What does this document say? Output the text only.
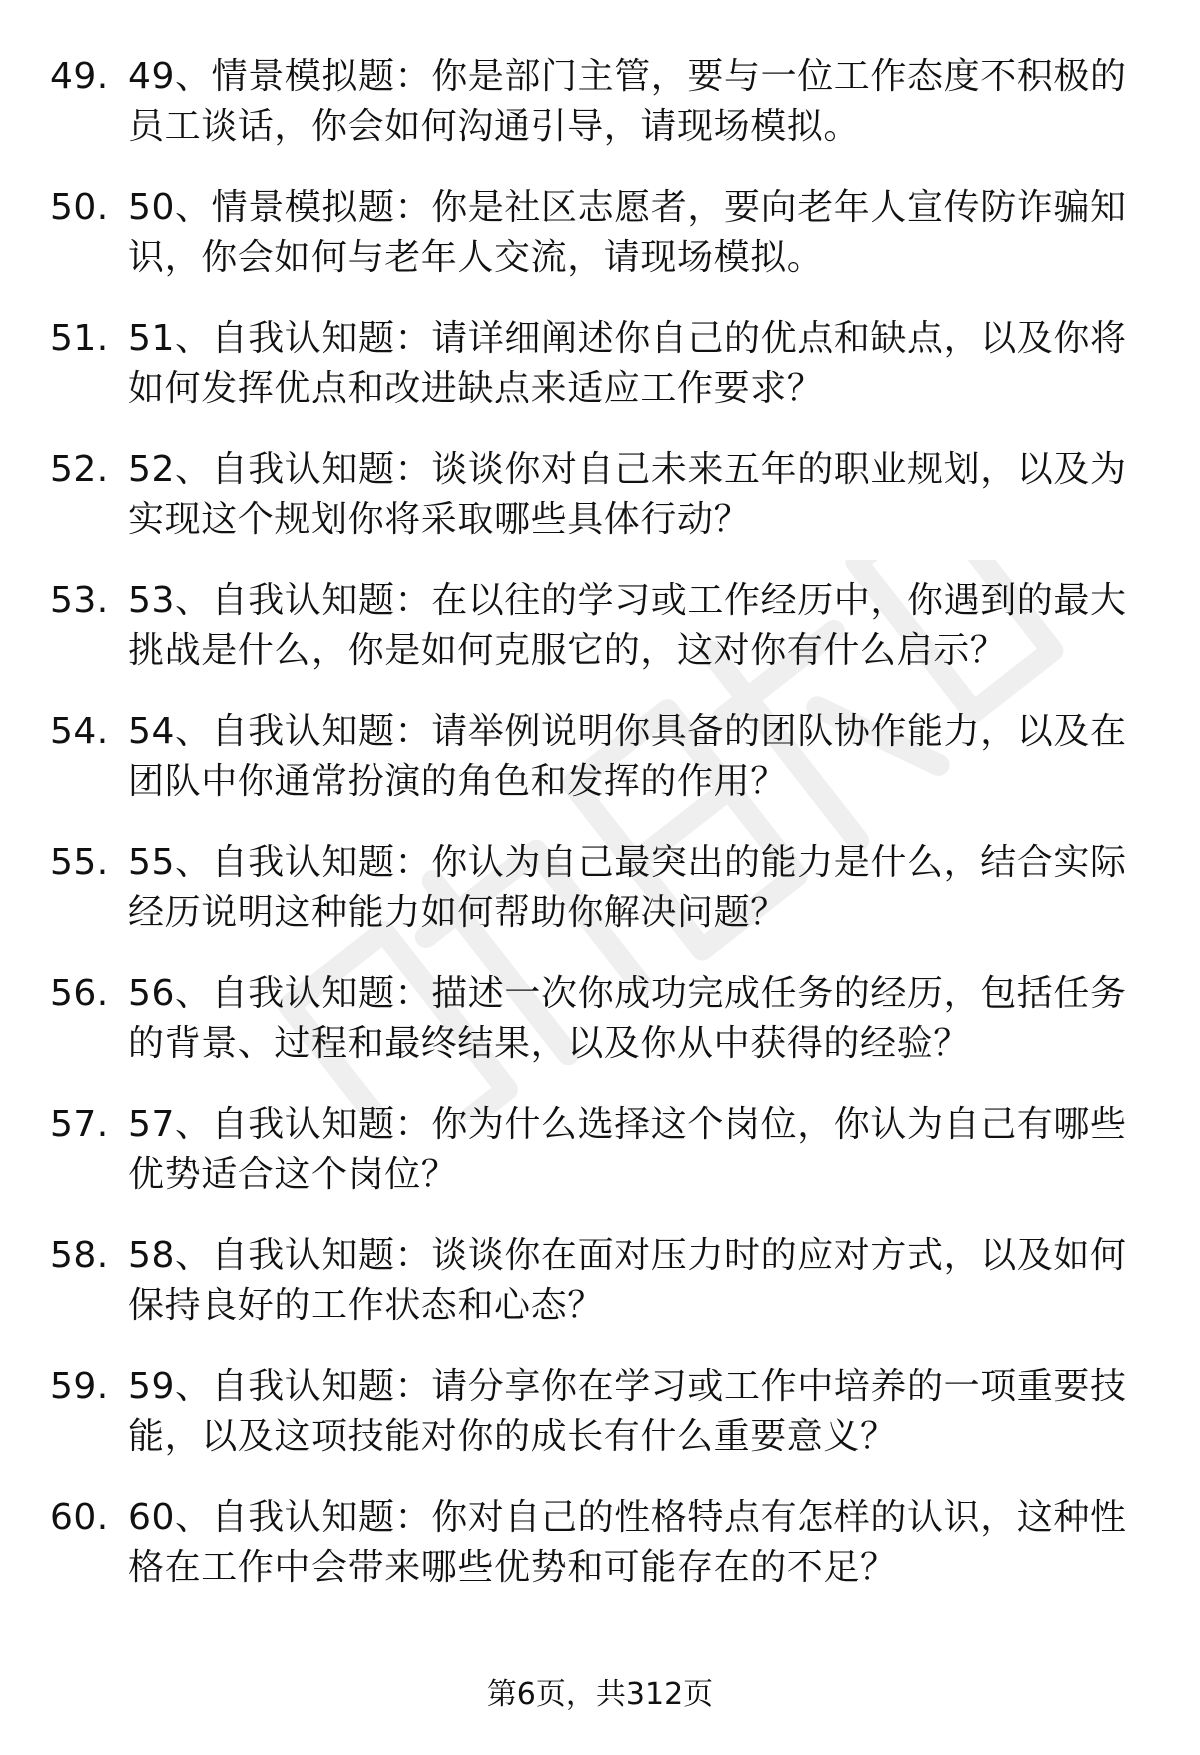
49. 49、情景模拟题：你是部门主管，要与一位工作态度不积极的员工谈话，你会如何沟通引导，请现场模拟。
50. 50、情景模拟题：你是社区志愿者，要向老年人宣传防诈骗知识，你会如何与老年人交流，请现场模拟。
51. 51、自我认知题：请详细阐述你自己的优点和缺点，以及你将如何发挥优点和改进缺点来适应工作要求？
52. 52、自我认知题：谈谈你对自己未来五年的职业规划，以及为实现这个规划你将采取哪些具体行动？
53. 53、自我认知题：在以往的学习或工作经历中，你遇到的最大挑战是什么，你是如何克服它的，这对你有什么启示？
54. 54、自我认知题：请举例说明你具备的团队协作能力，以及在团队中你通常扮演的角色和发挥的作用？
55. 55、自我认知题：你认为自己最突出的能力是什么，结合实际经历说明这种能力如何帮助你解决问题？
56. 56、自我认知题：描述一次你成功完成任务的经历，包括任务的背景、过程和最终结果，以及你从中获得的经验？
57. 57、自我认知题：你为什么选择这个岗位，你认为自己有哪些优势适合这个岗位？
58. 58、自我认知题：谈谈你在面对压力时的应对方式，以及如何保持良好的工作状态和心态？
59. 59、自我认知题：请分享你在学习或工作中培养的一项重要技能，以及这项技能对你的成长有什么重要意义？
60. 60、自我认知题：你对自己的性格特点有怎样的认识，这种性格在工作中会带来哪些优势和可能存在的不足？
第6页，共312页
